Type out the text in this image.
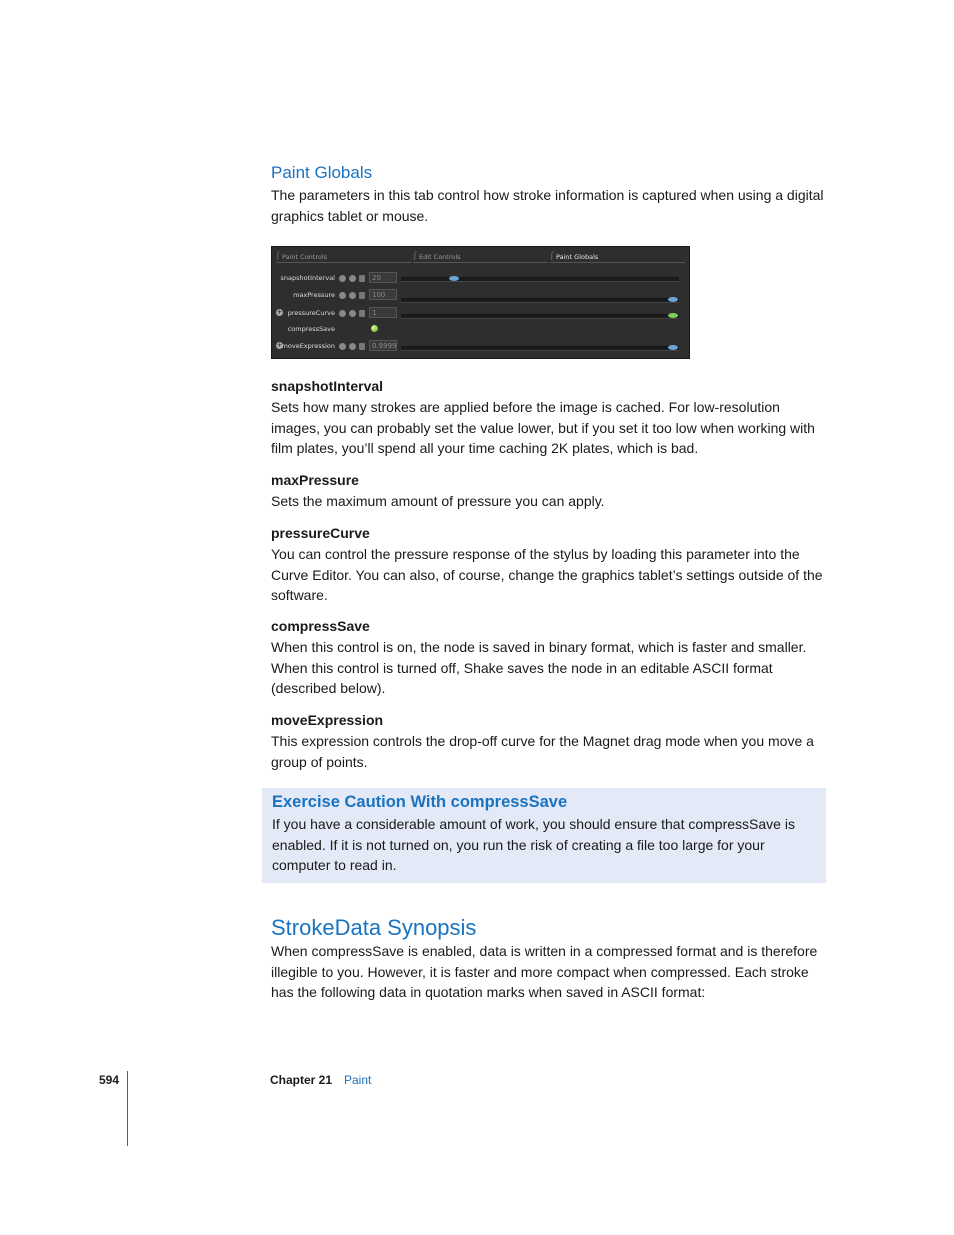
Paint Globals
The parameters in this tab control how stroke information is captured when using a digital graphics tablet or mouse.
⌠ Paint Controls	⌠ Edit Controls	⌠ Paint Globals
snapshotInterval	20
maxPressure	100
+ pressureCurve	1
compressSave
+ moveExpression	0.9999
snapshotInterval
Sets how many strokes are applied before the image is cached. For low-resolution images, you can probably set the value lower, but if you set it too low when working with film plates, you’ll spend all your time caching 2K plates, which is bad.
maxPressure
Sets the maximum amount of pressure you can apply.
pressureCurve
You can control the pressure response of the stylus by loading this parameter into the Curve Editor. You can also, of course, change the graphics tablet’s settings outside of the software.
compressSave
When this control is on, the node is saved in binary format, which is faster and smaller. When this control is turned off, Shake saves the node in an editable ASCII format (described below).
moveExpression
This expression controls the drop-off curve for the Magnet drag mode when you move a group of points.
Exercise Caution With compressSave
If you have a considerable amount of work, you should ensure that compressSave is enabled. If it is not turned on, you run the risk of creating a file too large for your computer to read in.
StrokeData Synopsis
When compressSave is enabled, data is written in a compressed format and is therefore illegible to you. However, it is faster and more compact when compressed. Each stroke has the following data in quotation marks when saved in ASCII format:
594	Chapter 21 Paint
